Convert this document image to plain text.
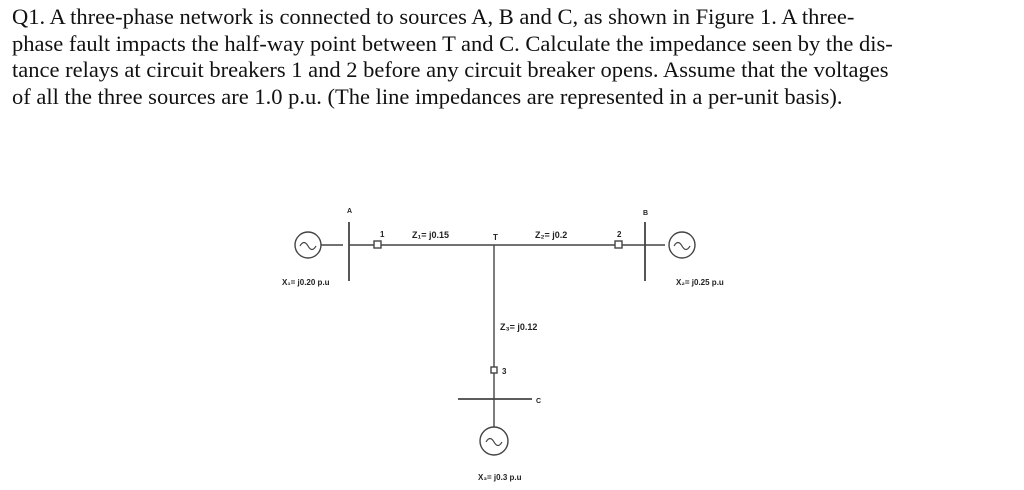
Q1. A three-phase network is connected to sources A, B and C, as shown in Figure 1. A three-
phase fault impacts the half-way point between T and C. Calculate the impedance seen by the dis-
tance relays at circuit breakers 1 and 2 before any circuit breaker opens. Assume that the voltages
of all the three sources are 1.0 p.u. (The line impedances are represented in a per-unit basis).

A	B
T
C
1	2
3
Z₁= j0.15	Z₂= j0.2
Z₃= j0.12
X₁= j0.20 p.u	X₂= j0.25 p.u
X₃= j0.3 p.u
